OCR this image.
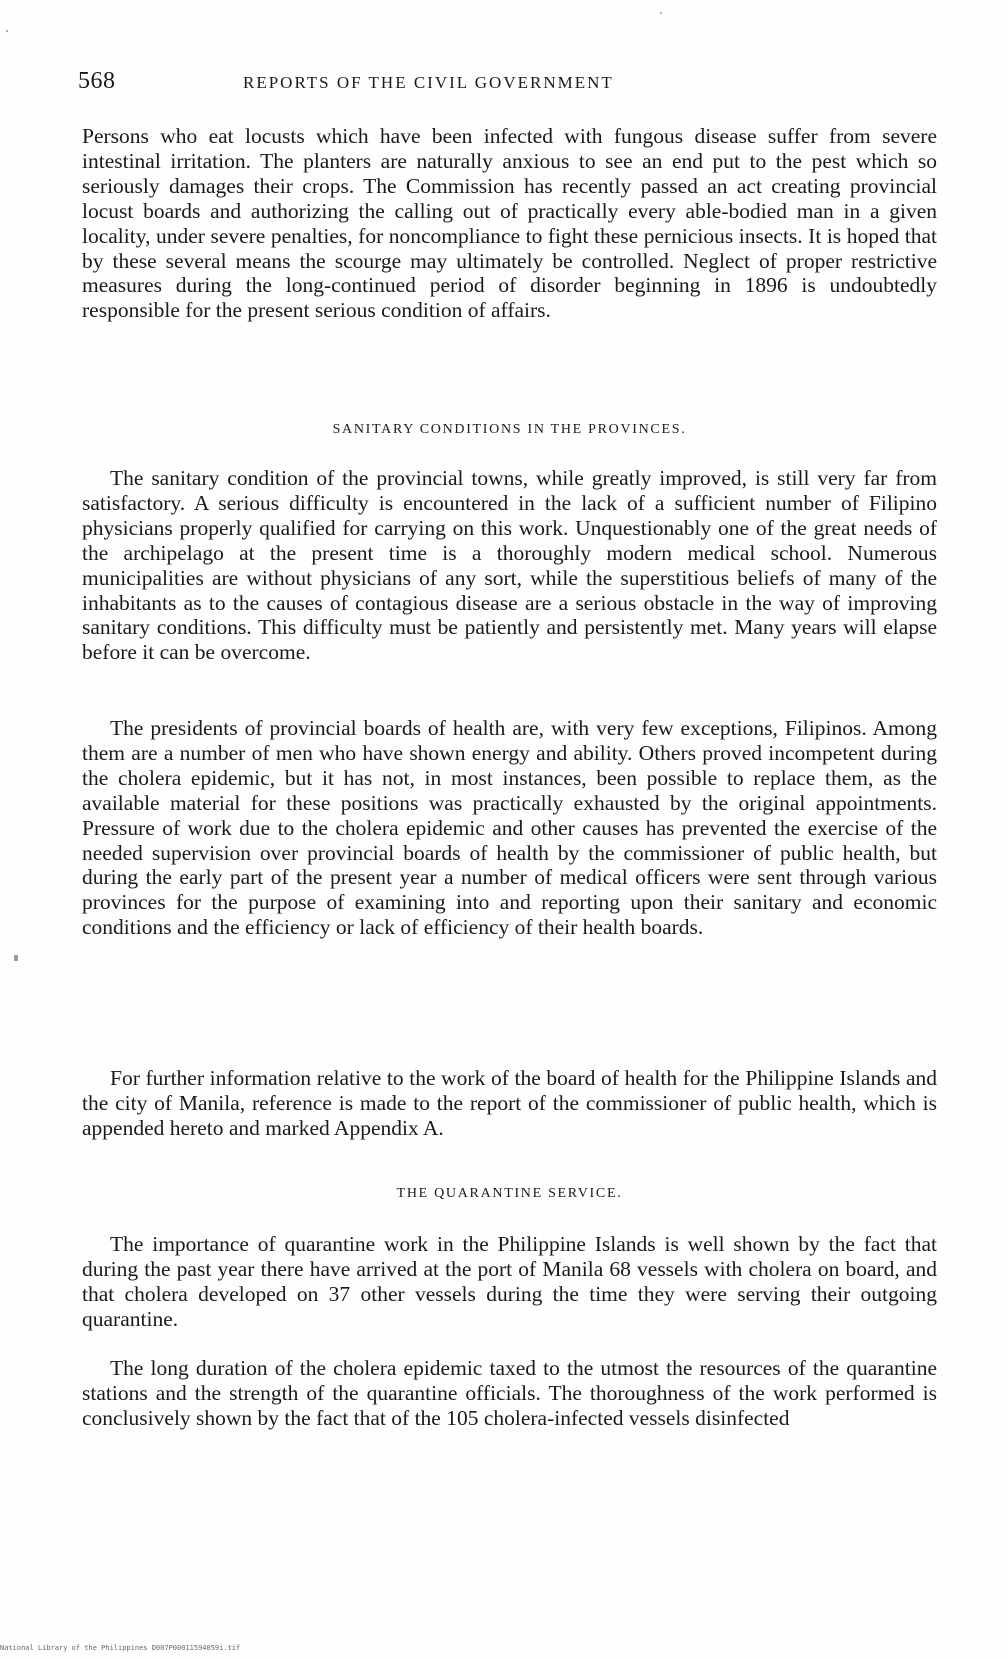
568	REPORTS OF THE CIVIL GOVERNMENT

Persons who eat locusts which have been infected with fungous disease suffer from severe intestinal irritation. The planters are naturally anxious to see an end put to the pest which so seriously damages their crops. The Commission has recently passed an act creating provincial locust boards and authorizing the calling out of practically every able-bodied man in a given locality, under severe penalties, for noncompliance to fight these pernicious insects. It is hoped that by these several means the scourge may ultimately be controlled. Neglect of proper restrictive measures during the long-continued period of disorder beginning in 1896 is undoubtedly responsible for the present serious condition of affairs.

SANITARY CONDITIONS IN THE PROVINCES.

The sanitary condition of the provincial towns, while greatly improved, is still very far from satisfactory. A serious difficulty is encountered in the lack of a sufficient number of Filipino physicians properly qualified for carrying on this work. Unquestionably one of the great needs of the archipelago at the present time is a thoroughly modern medical school. Numerous municipalities are without physicians of any sort, while the superstitious beliefs of many of the inhabitants as to the causes of contagious disease are a serious obstacle in the way of improving sanitary conditions. This difficulty must be patiently and persistently met. Many years will elapse before it can be overcome.

The presidents of provincial boards of health are, with very few exceptions, Filipinos. Among them are a number of men who have shown energy and ability. Others proved incompetent during the cholera epidemic, but it has not, in most instances, been possible to replace them, as the available material for these positions was practically exhausted by the original appointments. Pressure of work due to the cholera epidemic and other causes has prevented the exercise of the needed supervision over provincial boards of health by the commissioner of public health, but during the early part of the present year a number of medical officers were sent through various provinces for the purpose of examining into and reporting upon their sanitary and economic conditions and the efficiency or lack of efficiency of their health boards.

For further information relative to the work of the board of health for the Philippine Islands and the city of Manila, reference is made to the report of the commissioner of public health, which is appended hereto and marked Appendix A.

THE QUARANTINE SERVICE.

The importance of quarantine work in the Philippine Islands is well shown by the fact that during the past year there have arrived at the port of Manila 68 vessels with cholera on board, and that cholera developed on 37 other vessels during the time they were serving their outgoing quarantine.

The long duration of the cholera epidemic taxed to the utmost the resources of the quarantine stations and the strength of the quarantine officials. The thoroughness of the work performed is conclusively shown by the fact that of the 105 cholera-infected vessels disinfected

National Library of the Philippines D007P00011594059i.tif
